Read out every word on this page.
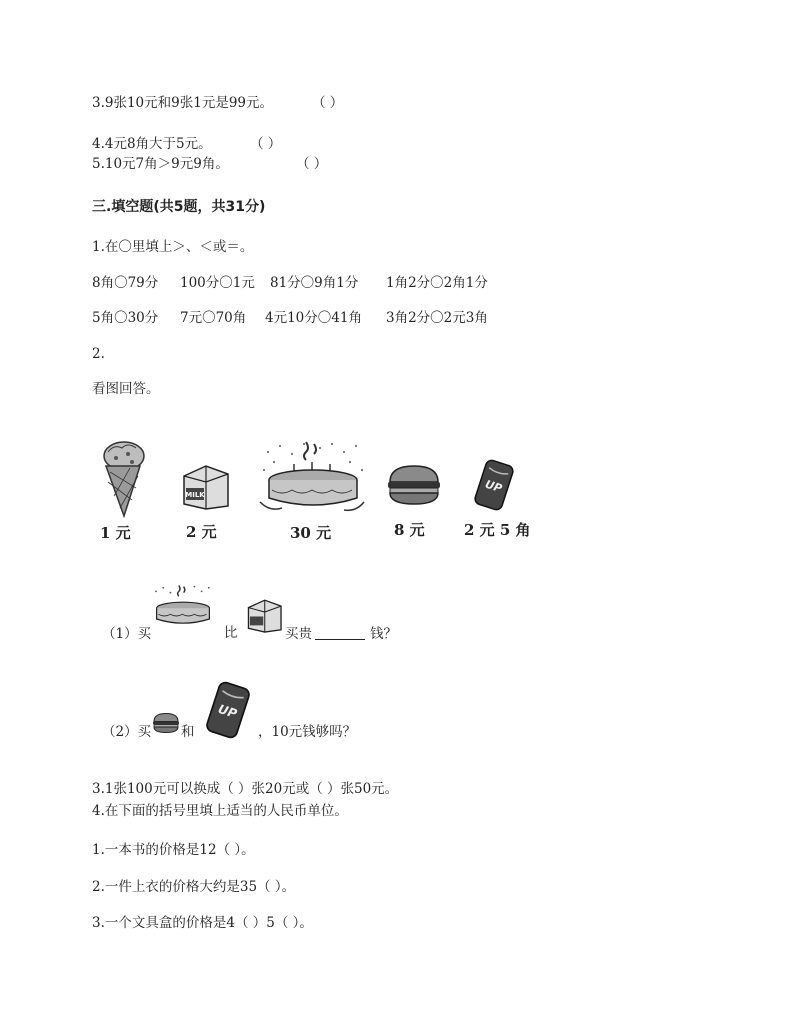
3.9张10元和9张1元是99元。	（ ）
4.4元8角大于5元。	（ ）
5.10元7角＞9元9角。	（ ）
三.填空题(共5题，共31分)
1.在〇里填上＞、＜或＝。
8角〇79分 100分〇1元 81分〇9角1分 1角2分〇2角1分
5角〇30分 7元〇70角 4元10分〇41角 3角2分〇2元3角
2.
看图回答。
MILK	UP
1 元	2 元	30 元	8 元	2 元 5 角
（1）买	比	买贵	钱？
（2）买 和
UP
，10元钱够吗？
3.1张100元可以换成（ ）张20元或（ ）张50元。
4.在下面的括号里填上适当的人民币单位。
1.一本书的价格是12（ ）。
2.一件上衣的价格大约是35（ ）。
3.一个文具盒的价格是4（ ）5（ ）。
